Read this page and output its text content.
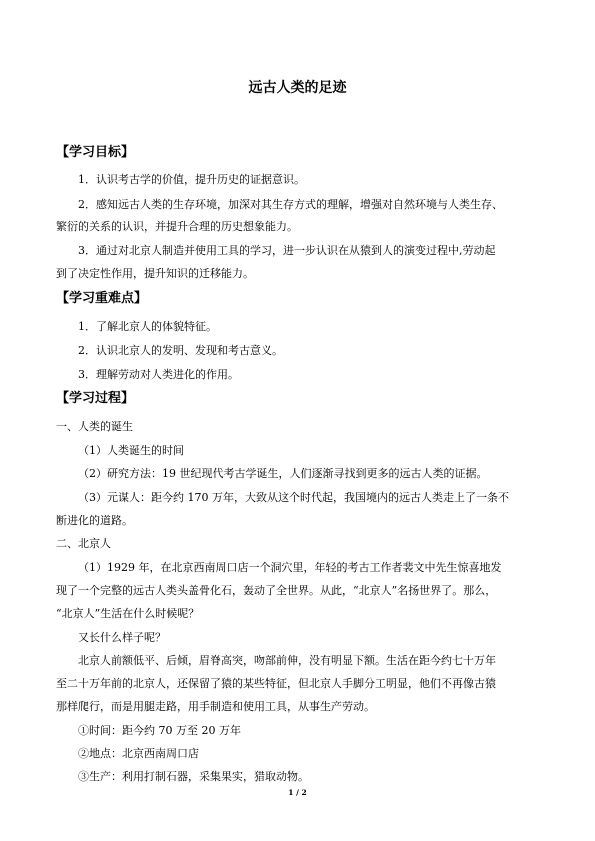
远古人类的足迹
【学习目标】
1．认识考古学的价值，提升历史的证据意识。
2．感知远古人类的生存环境，加深对其生存方式的理解，增强对自然环境与人类生存、
繁衍的关系的认识，并提升合理的历史想象能力。
3．通过对北京人制造并使用工具的学习，进一步认识在从猿到人的演变过程中,劳动起
到了决定性作用，提升知识的迁移能力。
【学习重难点】
1．了解北京人的体貌特征。
2．认识北京人的发明、发现和考古意义。
3．理解劳动对人类进化的作用。
【学习过程】
一、人类的诞生
（1）人类诞生的时间
（2）研究方法：19 世纪现代考古学诞生，人们逐渐寻找到更多的远古人类的证据。
（3）元谋人：距今约 170 万年，大致从这个时代起，我国境内的远古人类走上了一条不
断进化的道路。
二、北京人
（1）1929 年，在北京西南周口店一个洞穴里，年轻的考古工作者裴文中先生惊喜地发
现了一个完整的远古人类头盖骨化石，轰动了全世界。从此，“北京人”名扬世界了。那么，
“北京人”生活在什么时候呢？
又长什么样子呢？
北京人前额低平、后倾，眉脊高突，吻部前伸，没有明显下额。生活在距今约七十万年
至二十万年前的北京人，还保留了猿的某些特征，但北京人手脚分工明显，他们不再像古猿
那样爬行，而是用腿走路，用手制造和使用工具，从事生产劳动。
①时间：距今约 70 万至 20 万年
②地点：北京西南周口店
③生产：利用打制石器，采集果实，猎取动物。
1 / 2
